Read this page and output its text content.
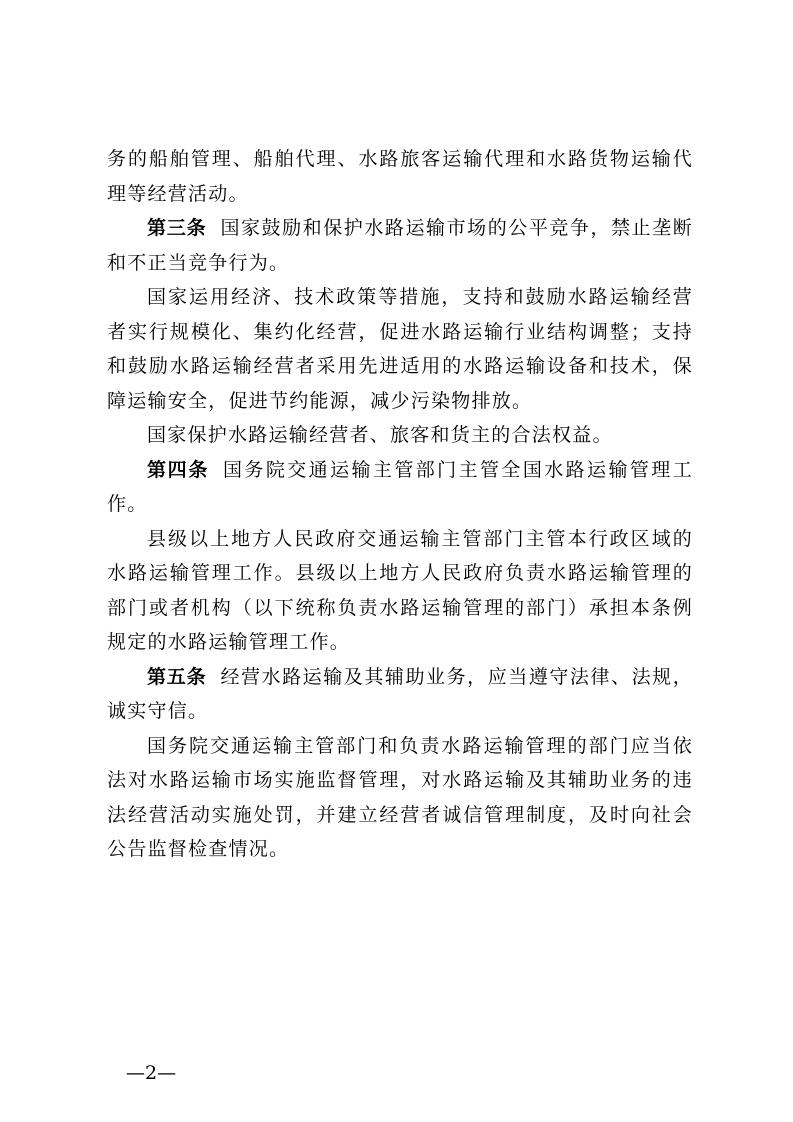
务的船舶管理、船舶代理、水路旅客运输代理和水路货物运输代理等经营活动。

第三条 国家鼓励和保护水路运输市场的公平竞争，禁止垄断和不正当竞争行为。

国家运用经济、技术政策等措施，支持和鼓励水路运输经营者实行规模化、集约化经营，促进水路运输行业结构调整；支持和鼓励水路运输经营者采用先进适用的水路运输设备和技术，保障运输安全，促进节约能源，减少污染物排放。

国家保护水路运输经营者、旅客和货主的合法权益。

第四条 国务院交通运输主管部门主管全国水路运输管理工作。

县级以上地方人民政府交通运输主管部门主管本行政区域的水路运输管理工作。县级以上地方人民政府负责水路运输管理的部门或者机构（以下统称负责水路运输管理的部门）承担本条例规定的水路运输管理工作。

第五条 经营水路运输及其辅助业务，应当遵守法律、法规，诚实守信。

国务院交通运输主管部门和负责水路运输管理的部门应当依法对水路运输市场实施监督管理，对水路运输及其辅助业务的违法经营活动实施处罚，并建立经营者诚信管理制度，及时向社会公告监督检查情况。

—2—
